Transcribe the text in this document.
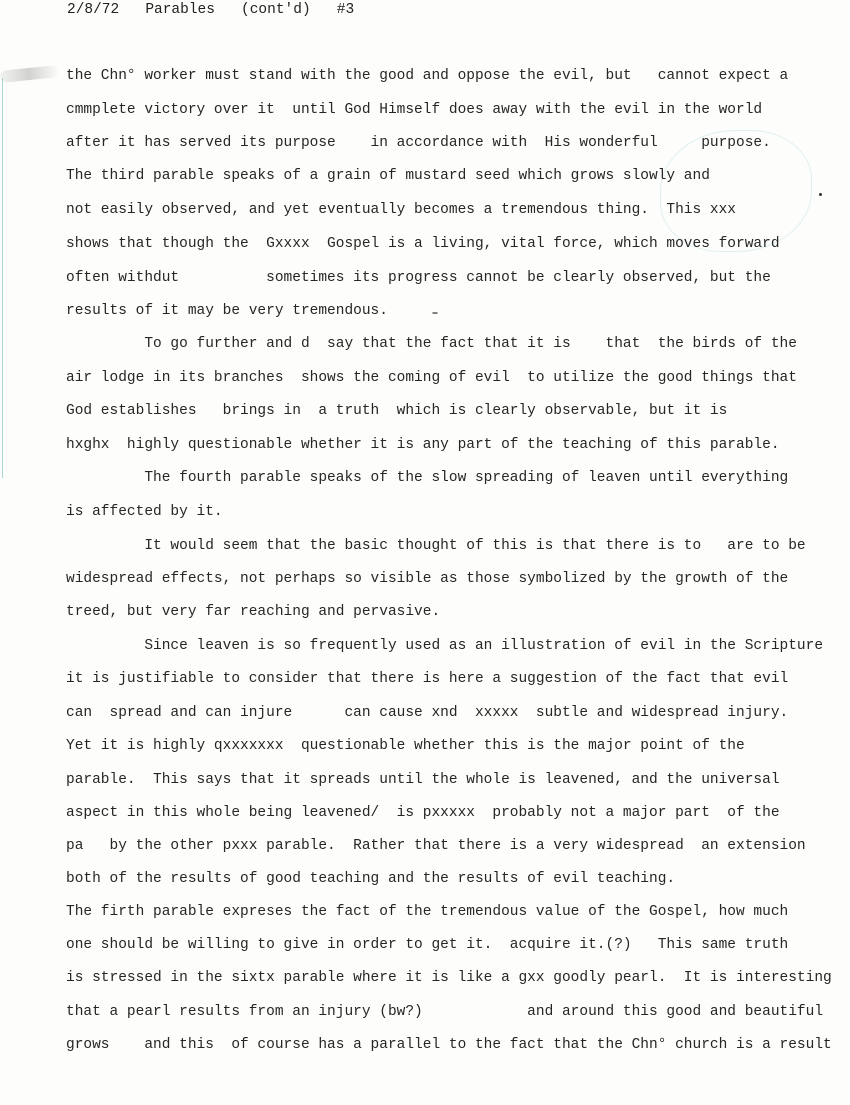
2/8/72   Parables   (cont'd)   #3
the Chn° worker must stand with the good and oppose the evil, but   cannot expect a
cmmplete victory over it  until God Himself does away with the evil in the world
after it has served its purpose    in accordance with  His wonderful     purpose.
The third parable speaks of a grain of mustard seed which grows slowly and
not easily observed, and yet eventually becomes a tremendous thing.  This xxx
shows that though the  Gxxxx  Gospel is a living, vital force, which moves forward
often withdut          sometimes its progress cannot be clearly observed, but the
results of it may be very tremendous.
To go further and d  say that the fact that it is    that  the birds of the
air lodge in its branches  shows the coming of evil  to utilize the good things that
God establishes   brings in  a truth  which is clearly observable, but it is
hxghx  highly questionable whether it is any part of the teaching of this parable.
The fourth parable speaks of the slow spreading of leaven until everything
is affected by it.
It would seem that the basic thought of this is that there is to   are to be
widespread effects, not perhaps so visible as those symbolized by the growth of the
treed, but very far reaching and pervasive.
Since leaven is so frequently used as an illustration of evil in the Scripture
it is justifiable to consider that there is here a suggestion of the fact that evil
can  spread and can injure      can cause xnd  xxxxx  subtle and widespread injury.
Yet it is highly qxxxxxxx  questionable whether this is the major point of the
parable.  This says that it spreads until the whole is leavened, and the universal
aspect in this whole being leavened/  is pxxxxx  probably not a major part  of the
pa   by the other pxxx parable.  Rather that there is a very widespread  an extension
both of the results of good teaching and the results of evil teaching.
The firth parable expreses the fact of the tremendous value of the Gospel, how much
one should be willing to give in order to get it.  acquire it.(?)   This same truth
is stressed in the sixtx parable where it is like a gxx goodly pearl.  It is interesting
that a pearl results from an injury (bw?)            and around this good and beautiful
grows    and this  of course has a parallel to the fact that the Chn° church is a result
